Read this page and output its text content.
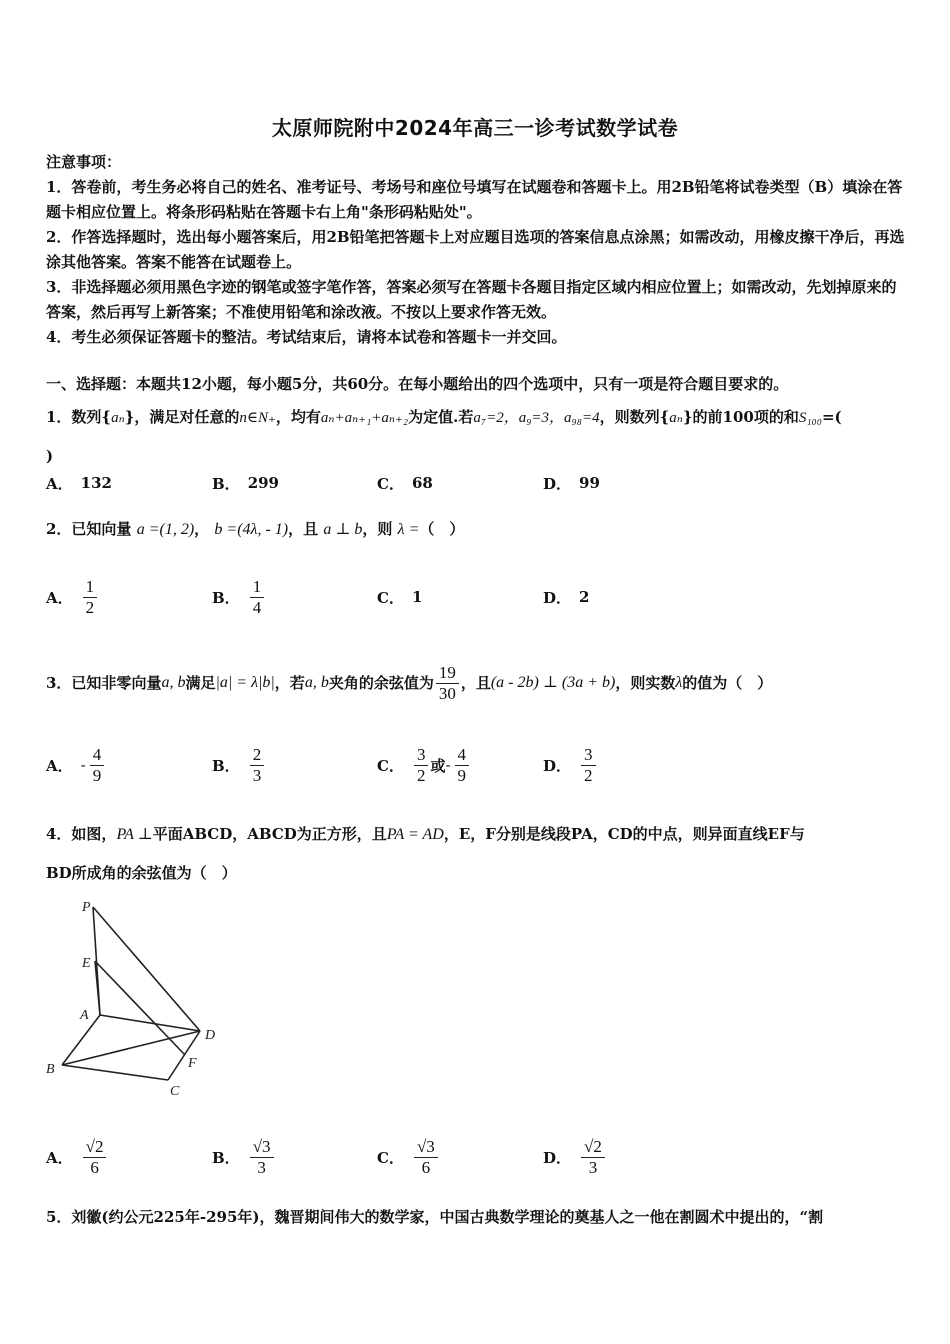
太原师院附中2024年高三一诊考试数学试卷

注意事项：

1．答卷前，考生务必将自己的姓名、准考证号、考场号和座位号填写在试题卷和答题卡上。用2B铅笔将试卷类型（B）填涂在答题卡相应位置上。将条形码粘贴在答题卡右上角"条形码粘贴处"。

2．作答选择题时，选出每小题答案后，用2B铅笔把答题卡上对应题目选项的答案信息点涂黑；如需改动，用橡皮擦干净后，再选涂其他答案。答案不能答在试题卷上。

3．非选择题必须用黑色字迹的钢笔或签字笔作答，答案必须写在答题卡各题目指定区域内相应位置上；如需改动，先划掉原来的答案，然后再写上新答案；不准使用铅笔和涂改液。不按以上要求作答无效。

4．考生必须保证答题卡的整洁。考试结束后，请将本试卷和答题卡一并交回。

一、选择题：本题共12小题，每小题5分，共60分。在每小题给出的四个选项中，只有一项是符合题目要求的。
1．数列{aₙ}，满足对任意的n∈N₊，均有aₙ+aₙ₊₁+aₙ₊₂为定值.若a₇=2，a₉=3，a₉₈=4，则数列{aₙ}的前100项的和S₁₀₀=(
)
A． 132	B． 299	C． 68	D． 99
2．已知向量 a =(1, 2)， b =(4λ, - 1)，且 a ⊥ b，则 λ =（　）
A． $\frac{1}{2}$	B． $\frac{1}{4}$	C． 1	D． 2
3．已知非零向量 a, b 满足 |a| = λ|b| ，若 a, b 夹角的余弦值为 $\frac{19}{30}$ ，且 (a - 2b) ⊥ (3a + b) ，则实数 λ 的值为（　）
A． - $\frac{4}{9}$	B． $\frac{2}{3}$	C． $\frac{3}{2}$ 或 - $\frac{4}{9}$	D． $\frac{3}{2}$
4．如图，PA ⊥平面ABCD，ABCD为正方形，且PA = AD，E，F分别是线段PA，CD的中点，则异面直线EF与
BD所成角的余弦值为（　）
P
E
A
D
F
B
C
A． $\frac{√2}{6}$	B． $\frac{√3}{3}$	C． $\frac{√3}{6}$	D． $\frac{√2}{3}$
5．刘徽(约公元225年-295年)，魏晋期间伟大的数学家，中国古典数学理论的奠基人之一他在割圆术中提出的，“割
